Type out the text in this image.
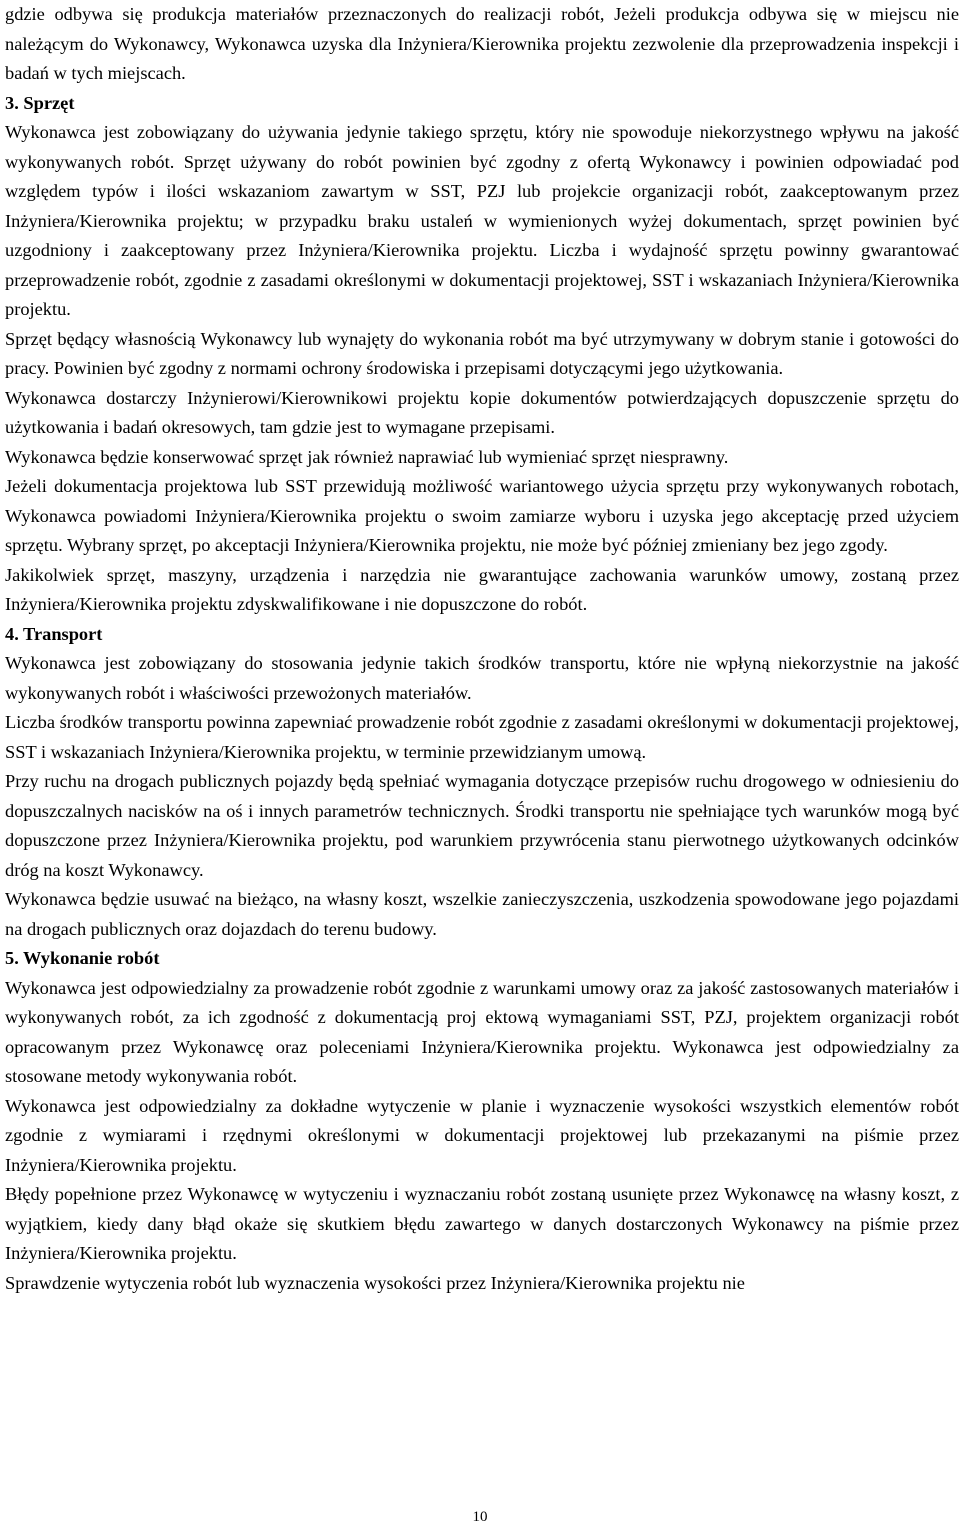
gdzie odbywa się produkcja materiałów przeznaczonych do realizacji robót, Jeżeli produkcja odbywa się w miejscu nie należącym do Wykonawcy, Wykonawca uzyska dla Inżyniera/Kierownika projektu zezwolenie dla przeprowadzenia inspekcji i badań w tych miejscach.

3. Sprzęt

Wykonawca jest zobowiązany do używania jedynie takiego sprzętu, który nie spowoduje niekorzystnego wpływu na jakość wykonywanych robót. Sprzęt używany do robót powinien być zgodny z ofertą Wykonawcy i powinien odpowiadać pod względem typów i ilości wskazaniom zawartym w SST, PZJ lub projekcie organizacji robót, zaakceptowanym przez Inżyniera/Kierownika projektu; w przypadku braku ustaleń w wymienionych wyżej dokumentach, sprzęt powinien być uzgodniony i zaakceptowany przez Inżyniera/Kierownika projektu. Liczba i wydajność sprzętu powinny gwarantować przeprowadzenie robót, zgodnie z zasadami określonymi w dokumentacji projektowej, SST i wskazaniach Inżyniera/Kierownika projektu.

Sprzęt będący własnością Wykonawcy lub wynajęty do wykonania robót ma być utrzymywany w dobrym stanie i gotowości do pracy. Powinien być zgodny z normami ochrony środowiska i przepisami dotyczącymi jego użytkowania.

Wykonawca dostarczy Inżynierowi/Kierownikowi projektu kopie dokumentów potwierdzających dopuszczenie sprzętu do użytkowania i badań okresowych, tam gdzie jest to wymagane przepisami.

Wykonawca będzie konserwować sprzęt jak również naprawiać lub wymieniać sprzęt niesprawny.

Jeżeli dokumentacja projektowa lub SST przewidują możliwość wariantowego użycia sprzętu przy wykonywanych robotach, Wykonawca powiadomi Inżyniera/Kierownika projektu o swoim zamiarze wyboru i uzyska jego akceptację przed użyciem sprzętu. Wybrany sprzęt, po akceptacji Inżyniera/Kierownika projektu, nie może być później zmieniany bez jego zgody.

Jakikolwiek sprzęt, maszyny, urządzenia i narzędzia nie gwarantujące zachowania warunków umowy, zostaną przez Inżyniera/Kierownika projektu zdyskwalifikowane i nie dopuszczone do robót.

4. Transport

Wykonawca jest zobowiązany do stosowania jedynie takich środków transportu, które nie wpłyną niekorzystnie na jakość wykonywanych robót i właściwości przewożonych materiałów.

Liczba środków transportu powinna zapewniać prowadzenie robót zgodnie z zasadami określonymi w dokumentacji projektowej, SST i wskazaniach Inżyniera/Kierownika projektu, w terminie przewidzianym umową.

Przy ruchu na drogach publicznych pojazdy będą spełniać wymagania dotyczące przepisów ruchu drogowego w odniesieniu do dopuszczalnych nacisków na oś i innych parametrów technicznych. Środki transportu nie spełniające tych warunków mogą być dopuszczone przez Inżyniera/Kierownika projektu, pod warunkiem przywrócenia stanu pierwotnego użytkowanych odcinków dróg na koszt Wykonawcy.

Wykonawca będzie usuwać na bieżąco, na własny koszt, wszelkie zanieczyszczenia, uszkodzenia spowodowane jego pojazdami na drogach publicznych oraz dojazdach do terenu budowy.

5. Wykonanie robót

Wykonawca jest odpowiedzialny za prowadzenie robót zgodnie z warunkami umowy oraz za jakość zastosowanych materiałów i wykonywanych robót, za ich zgodność z dokumentacją proj ektową wymaganiami SST, PZJ, projektem organizacji robót opracowanym przez Wykonawcę oraz poleceniami Inżyniera/Kierownika projektu. Wykonawca jest odpowiedzialny za stosowane metody wykonywania robót.

Wykonawca jest odpowiedzialny za dokładne wytyczenie w planie i wyznaczenie wysokości wszystkich elementów robót zgodnie z wymiarami i rzędnymi określonymi w dokumentacji projektowej lub przekazanymi na piśmie przez Inżyniera/Kierownika projektu.

Błędy popełnione przez Wykonawcę w wytyczeniu i wyznaczaniu robót zostaną usunięte przez Wykonawcę na własny koszt, z wyjątkiem, kiedy dany błąd okaże się skutkiem błędu zawartego w danych dostarczonych Wykonawcy na piśmie przez Inżyniera/Kierownika projektu.

Sprawdzenie wytyczenia robót lub wyznaczenia wysokości przez Inżyniera/Kierownika projektu nie

10
